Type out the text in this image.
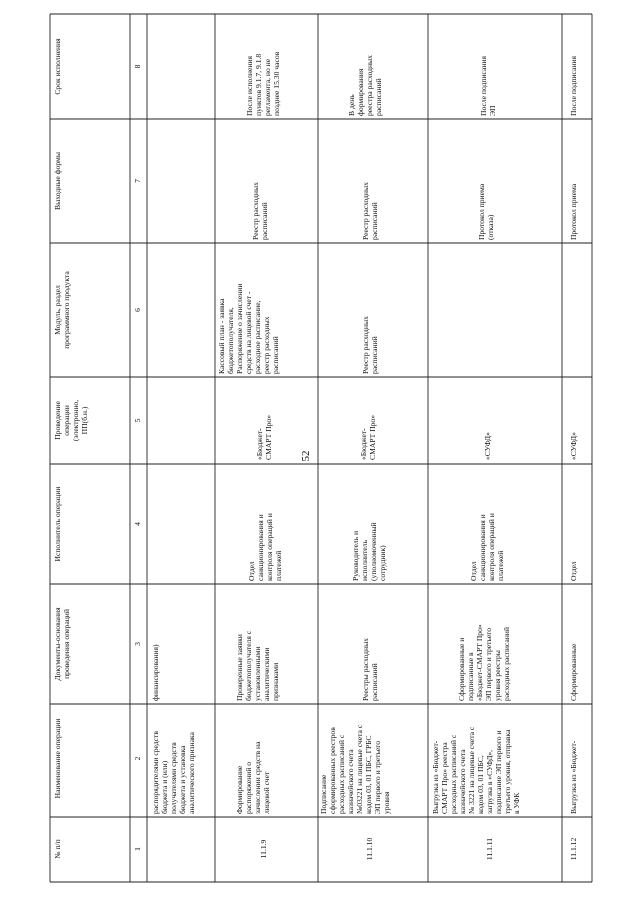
52
№ п/п
Наименование операции
Документы-основания
проведения операций
Исполнитель операции
Проведение
операции
(электронно,
ПП(б.н.)
Модуль, раздел
программного продукта
Выходные формы
Срок исполнения
1
2
3
4
5
6
7
8
распорядителями средств
бюджета и (или)
получателями средств
бюджета и установка
аналитического признака
финансирования)
11.1.9
Формирование
распоряжений о
зачислении средств на
лицевой счет
Проверенные заявки
бюджетополучателя с
установленными
аналитическими
признаками
Отдел
санкционирования и
контроля операций и
платежей
«Бюджет-
СМАРТ Про»
Кассовый план - заявка
бюджетополучателя,
Распоряжение о зачислении
средств на лицевой счет -
расходное расписание,
реестр расходных
расписаний
Реестр расходных
расписаний
После исполнения
пунктов 9.1.7, 9.1.8
регламента, но не
позднее 15.30 часов
11.1.10
Подписание
сформированных реестров
расходных расписаний с
казначейского счета
№03221 на лицевые счета с
кодом 03, 01 ПБС, ГРБС
ЭП первого и третьего
уровня
Реестры расходных
расписаний
Руководитель и
исполнитель
(уполномоченный
сотрудник)
«Бюджет-
СМАРТ Про»
Реестр расходных
расписаний
Реестр расходных
расписаний
В день
формирования
реестра расходных
расписаний
11.1.11
Выгрузка из «Бюджет-
СМАРТ Про» реестра
расходных расписаний с
казначейского счета
№ 3221 на лицевые счета с
кодом 03, 01 ПБС,
загрузка в «СУФД»,
подписание ЭП первого и
третьего уровня, отправка
в УФК
Сформированные и
подписанные в
«Бюджет-СМАРТ Про»
ЭП первого и третьего
уровня реестры
расходных расписаний
Отдел
санкционирования и
контроля операций и
платежей
«СУФД»
Протокол приема
(отказа)
После подписания
ЭП
11.1.12
Выгрузка из «Бюджет-
Сформированные
Отдел
«СУФД»
Протокол приема
После подписания
